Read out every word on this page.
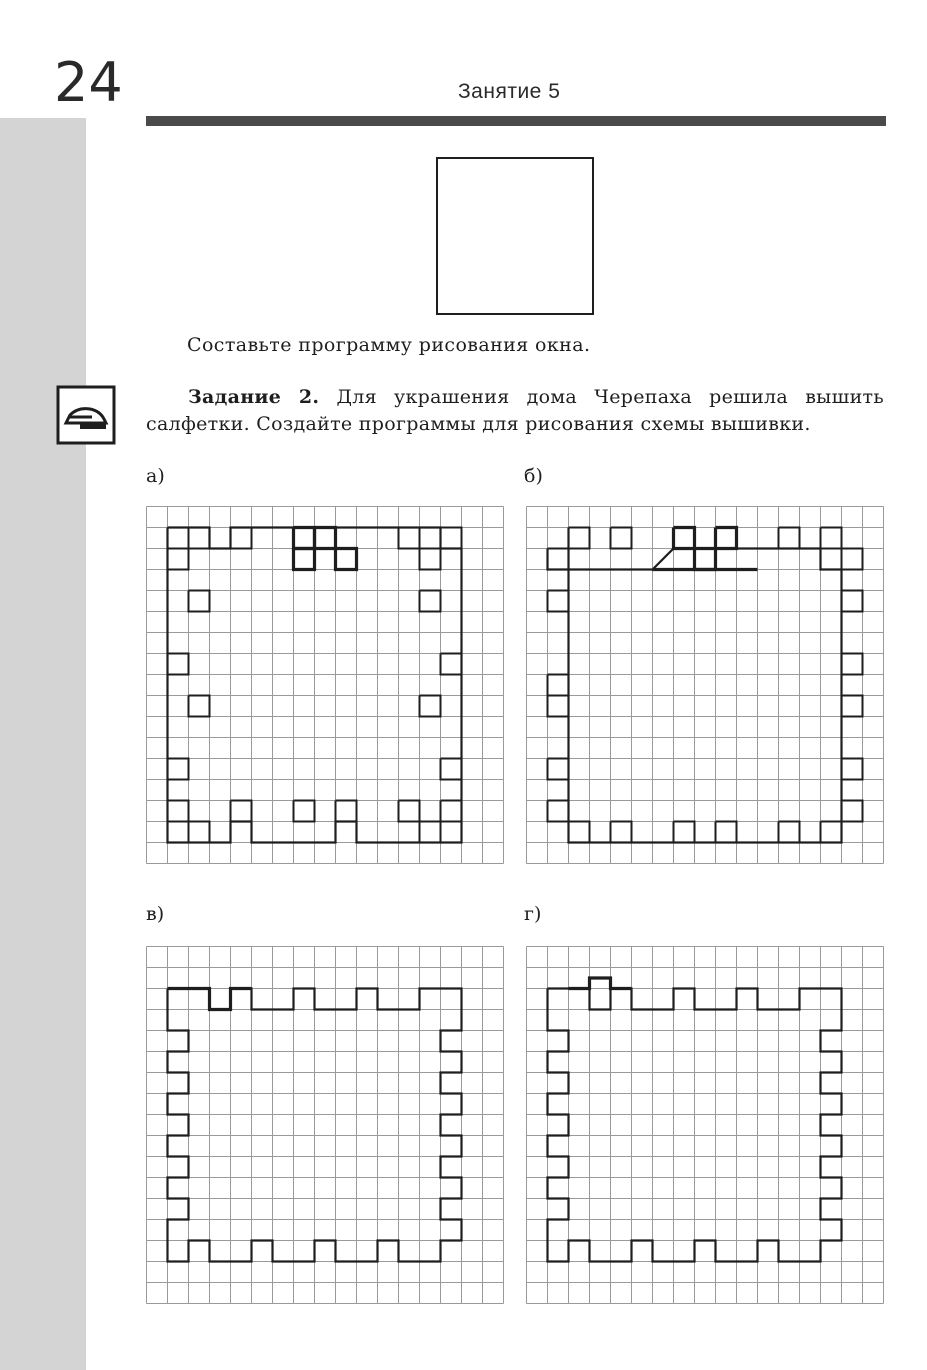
24	Занятие 5
Составьте программу рисования окна.
Задание 2. Для украшения дома Черепаха решила вышить салфетки. Создайте программы для рисования схемы вышивки.
а)	б)
в)	г)
